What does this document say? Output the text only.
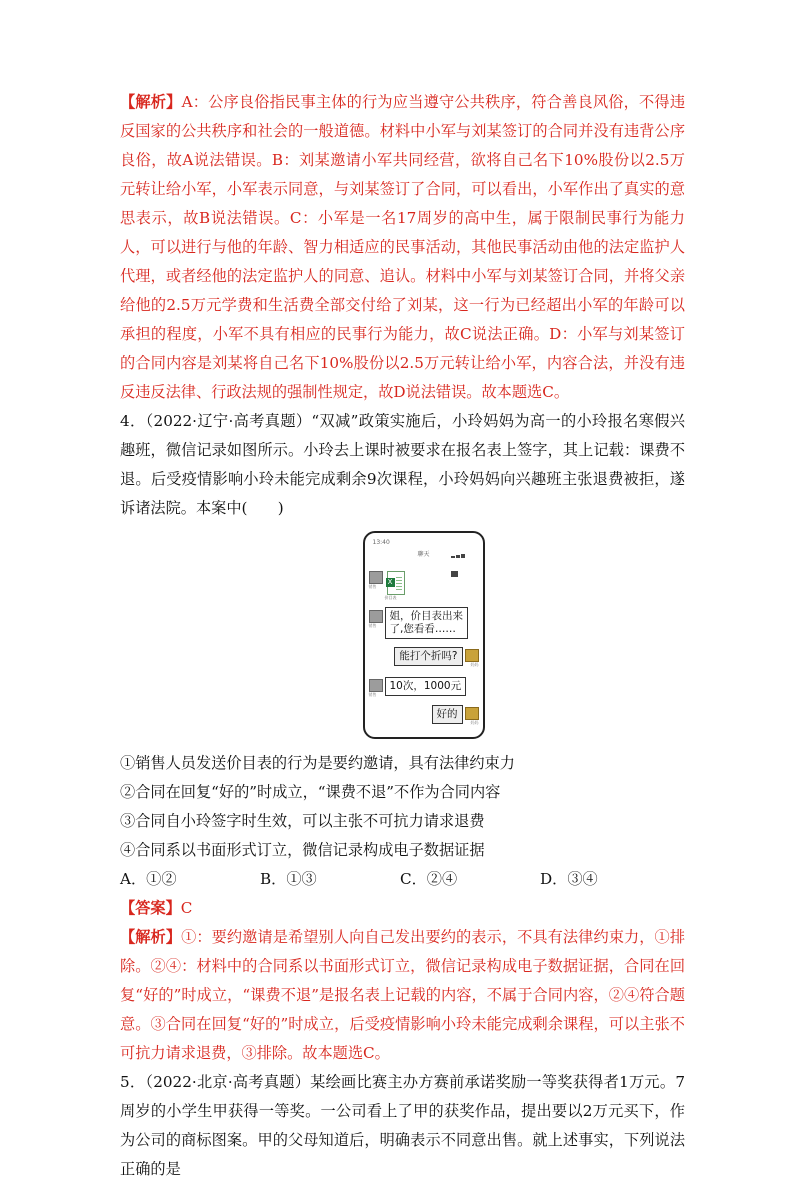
【解析】A：公序良俗指民事主体的行为应当遵守公共秩序，符合善良风俗，不得违反国家的公共秩序和社会的一般道德。材料中小军与刘某签订的合同并没有违背公序良俗，故A说法错误。B：刘某邀请小军共同经营，欲将自己名下10%股份以2.5万元转让给小军，小军表示同意，与刘某签订了合同，可以看出，小军作出了真实的意思表示，故B说法错误。C：小军是一名17周岁的高中生，属于限制民事行为能力人，可以进行与他的年龄、智力相适应的民事活动，其他民事活动由他的法定监护人代理，或者经他的法定监护人的同意、追认。材料中小军与刘某签订合同，并将父亲给他的2.5万元学费和生活费全部交付给了刘某，这一行为已经超出小军的年龄可以承担的程度，小军不具有相应的民事行为能力，故C说法正确。D：小军与刘某签订的合同内容是刘某将自己名下10%股份以2.5万元转让给小军，内容合法，并没有违反违反法律、行政法规的强制性规定，故D说法错误。故本题选C。

4．（2022·辽宁·高考真题）“双减”政策实施后，小玲妈妈为高一的小玲报名寒假兴趣班，微信记录如图所示。小玲去上课时被要求在报名表上签字，其上记载：课费不退。后受疫情影响小玲未能完成剩余9次课程，小玲妈妈向兴趣班主张退费被拒，遂诉诸法院。本案中(　　)

13:40
聊天
销售
X
价目表
销售
姐，价目表出来
了,您看看……
妈妈
能打个折吗?
销售
10次，1000元
妈妈
好的

①销售人员发送价目表的行为是要约邀请，具有法律约束力

②合同在回复“好的”时成立，“课费不退”不作为合同内容

③合同自小玲签字时生效，可以主张不可抗力请求退费

④合同系以书面形式订立，微信记录构成电子数据证据

A．①②	B．①③	C．②④	D．③④

【答案】C

【解析】①：要约邀请是希望别人向自己发出要约的表示，不具有法律约束力，①排除。②④：材料中的合同系以书面形式订立，微信记录构成电子数据证据，合同在回复“好的”时成立，“课费不退”是报名表上记载的内容，不属于合同内容，②④符合题意。③合同在回复“好的”时成立，后受疫情影响小玲未能完成剩余课程，可以主张不可抗力请求退费，③排除。故本题选C。

5．（2022·北京·高考真题）某绘画比赛主办方赛前承诺奖励一等奖获得者1万元。7周岁的小学生甲获得一等奖。一公司看上了甲的获奖作品，提出要以2万元买下，作为公司的商标图案。甲的父母知道后，明确表示不同意出售。就上述事实，下列说法正确的是
